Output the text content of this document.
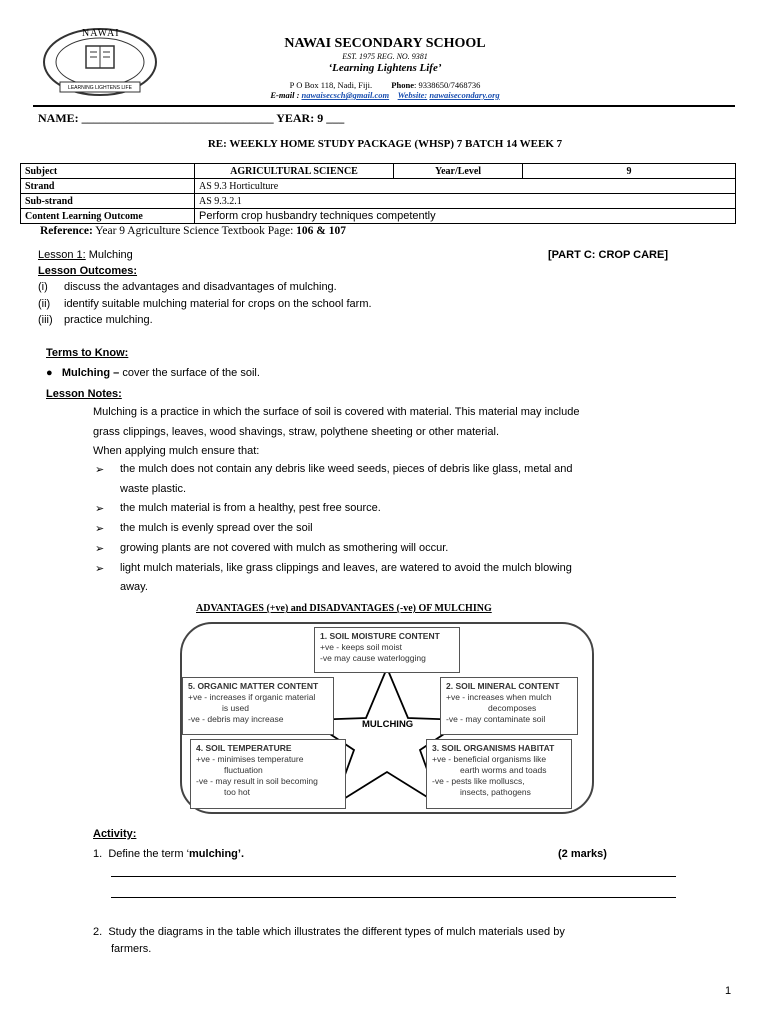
NAWAI
LEARNING LIGHTENS LIFE
NAWAI SECONDARY SCHOOL
EST. 1975 REG. NO. 9381
‘Learning Lightens Life’
P O Box 118, Nadi, Fiji. Phone: 9338650/7468736
E-mail : nawaisecsch@gmail.com Website: nawaisecondary.org
NAME: ________________________________ YEAR: 9 ___
RE: WEEKLY HOME STUDY PACKAGE (WHSP) 7 BATCH 14 WEEK 7
Subject	AGRICULTURAL SCIENCE	Year/Level	9
Strand	AS 9.3 Horticulture		
Sub-strand	AS 9.3.2.1		
Content Learning Outcome	Perform crop husbandry techniques competently		
Reference: Year 9 Agriculture Science Textbook Page: 106 & 107
Lesson 1: Mulching	[PART C: CROP CARE]
Lesson Outcomes:
(i) discuss the advantages and disadvantages of mulching.
(ii) identify suitable mulching material for crops on the school farm.
(iii) practice mulching.
Terms to Know:
● Mulching – cover the surface of the soil.
Lesson Notes:
Mulching is a practice in which the surface of soil is covered with material. This material may include
grass clippings, leaves, wood shavings, straw, polythene sheeting or other material.
When applying mulch ensure that:
➢ the mulch does not contain any debris like weed seeds, pieces of debris like glass, metal and
waste plastic.
➢ the mulch material is from a healthy, pest free source.
➢ the mulch is evenly spread over the soil
➢ growing plants are not covered with mulch as smothering will occur.
➢ light mulch materials, like grass clippings and leaves, are watered to avoid the mulch blowing
away.
ADVANTAGES (+ve) and DISADVANTAGES (-ve) OF MULCHING
MULCHING
1. SOIL MOISTURE CONTENT
+ve - keeps soil moist
-ve may cause waterlogging
2. SOIL MINERAL CONTENT
+ve - increases when mulch
decomposes
-ve - may contaminate soil
3. SOIL ORGANISMS HABITAT
+ve - beneficial organisms like
earth worms and toads
-ve - pests like molluscs,
insects, pathogens
4. SOIL TEMPERATURE
+ve - minimises temperature
fluctuation
-ve - may result in soil becoming
too hot
5. ORGANIC MATTER CONTENT
+ve - increases if organic material
is used
-ve - debris may increase
Activity:
1. Define the term ‘mulching’.	(2 marks)
2. Study the diagrams in the table which illustrates the different types of mulch materials used by
farmers.
1
